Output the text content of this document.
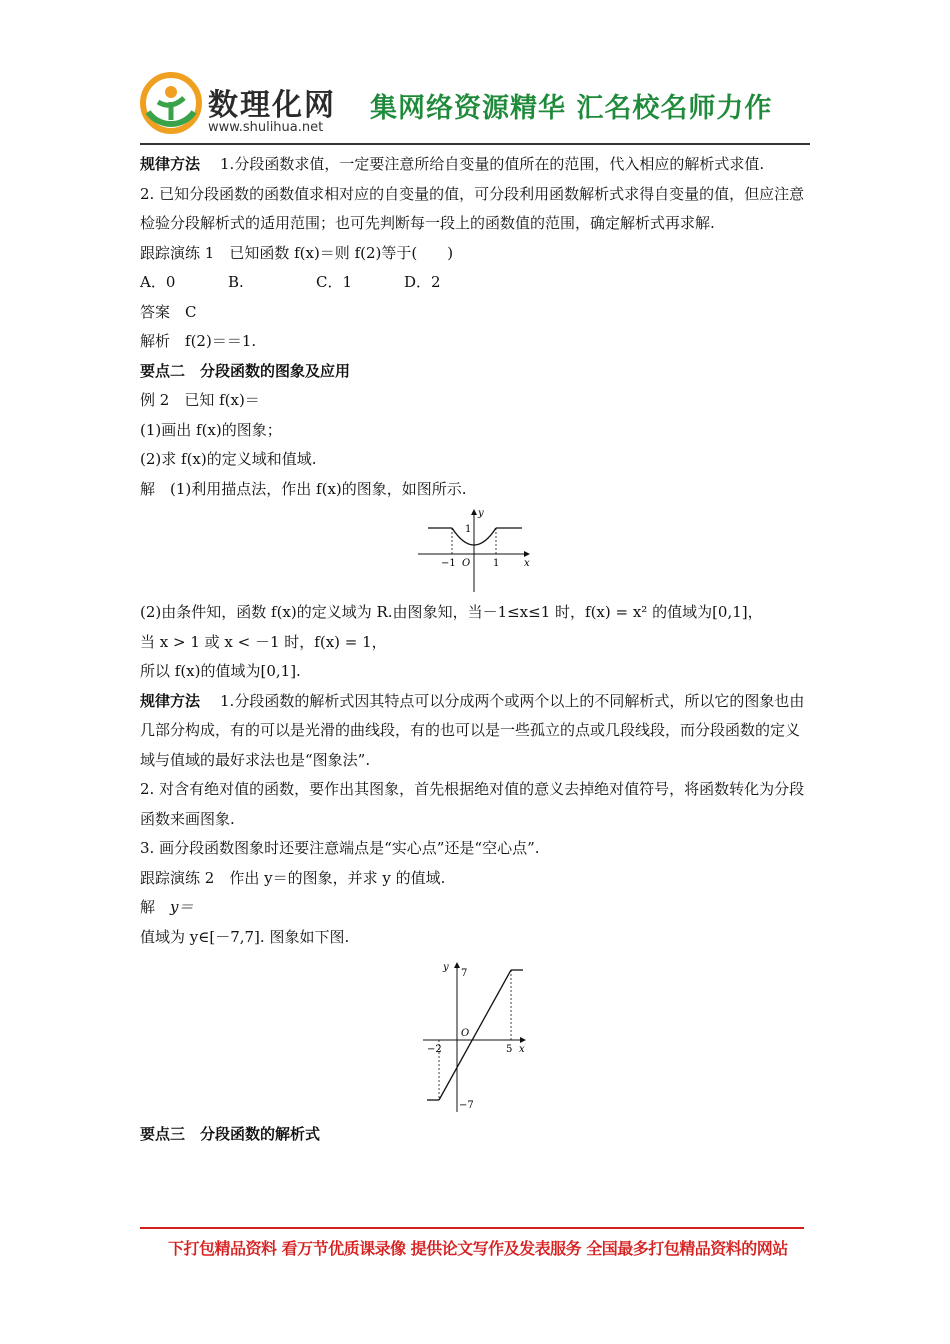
数理化网
www.shulihua.net
集网络资源精华 汇名校名师力作

规律方法 1.分段函数求值，一定要注意所给自变量的值所在的范围，代入相应的解析式求值.

2. 已知分段函数的函数值求相对应的自变量的值，可分段利用函数解析式求得自变量的值，但应注意检验分段解析式的适用范围；也可先判断每一段上的函数值的范围，确定解析式再求解.

跟踪演练 1　 已知函数 f(x)＝则 f(2)等于(　　)

A．0	B.	C．1	D．2

答案　 C

解析　 f(2)＝＝1.

要点二　分段函数的图象及应用

例 2　 已知 f(x)＝

(1)画出 f(x)的图象；

(2)求 f(x)的定义域和值域.

解　 (1)利用描点法，作出 f(x)的图象，如图所示.

y
x
O
−1	1
1

(2)由条件知，函数 f(x)的定义域为 R.由图象知，当－1≤x≤1 时，f(x) = x² 的值域为[0,1]，

当 x > 1 或 x < －1 时，f(x) = 1，

所以 f(x)的值域为[0,1].

规律方法 1.分段函数的解析式因其特点可以分成两个或两个以上的不同解析式，所以它的图象也由几部分构成，有的可以是光滑的曲线段，有的也可以是一些孤立的点或几段线段，而分段函数的定义域与值域的最好求法也是“图象法”.

2. 对含有绝对值的函数，要作出其图象，首先根据绝对值的意义去掉绝对值符号，将函数转化为分段函数来画图象.

3. 画分段函数图象时还要注意端点是“实心点”还是“空心点”.

跟踪演练 2　 作出 y＝的图象，并求 y 的值域.

解　 y＝

值域为 y∈[－7,7]. 图象如下图.

y
x
O
7
−7
−2	5

要点三　分段函数的解析式

下打包精品资料 看万节优质课录像 提供论文写作及发表服务 全国最多打包精品资料的网站
